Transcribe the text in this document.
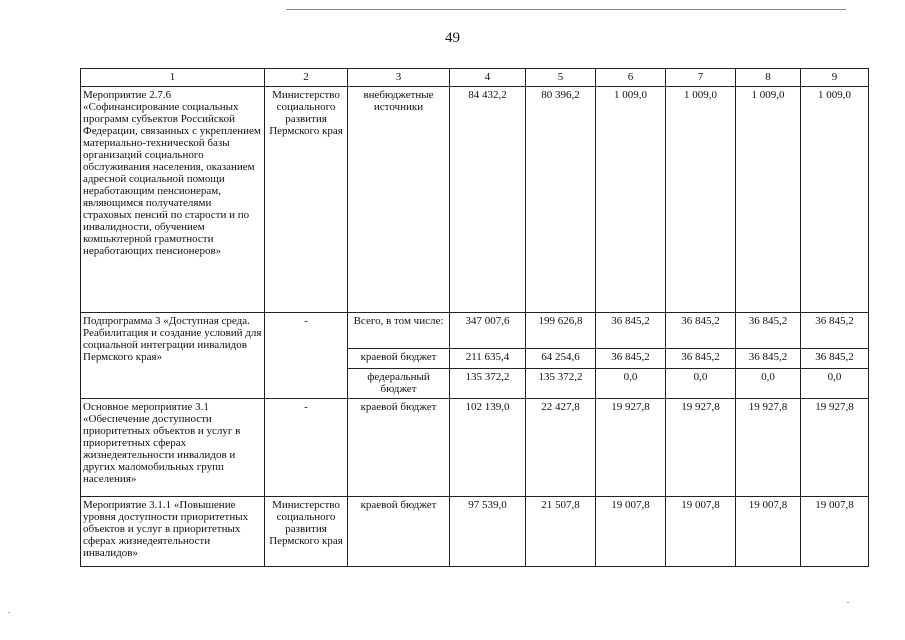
49
1	2	3	4	5	6	7	8	9
Мероприятие 2.7.6 «Софинансирование социальных программ субъектов Российской Федерации, связанных с укреплением материально-технической базы организаций социального обслуживания населения, оказанием адресной социальной помощи неработающим пенсионерам, являющимся получателями страховых пенсий по старости и по инвалидности, обучением компьютерной грамотности неработающих пенсионеров»	Министерство социального развития Пермского края	внебюджетные источники	84 432,2	80 396,2	1 009,0	1 009,0	1 009,0	1 009,0
Подпрограмма 3 «Доступная среда. Реабилитация и создание условий для социальной интеграции инвалидов Пермского края»	-	Всего, в том числе:	347 007,6	199 626,8	36 845,2	36 845,2	36 845,2	36 845,2
		краевой бюджет	211 635,4	64 254,6	36 845,2	36 845,2	36 845,2	36 845,2
		федеральный бюджет	135 372,2	135 372,2	0,0	0,0	0,0	0,0
Основное мероприятие 3.1 «Обеспечение доступности приоритетных объектов и услуг в приоритетных сферах жизнедеятельности инвалидов и других маломобильных групп населения»	-	краевой бюджет	102 139,0	22 427,8	19 927,8	19 927,8	19 927,8	19 927,8
Мероприятие 3.1.1 «Повышение уровня доступности приоритетных объектов и услуг в приоритетных сферах жизнедеятельности инвалидов»	Министерство социального развития Пермского края	краевой бюджет	97 539,0	21 507,8	19 007,8	19 007,8	19 007,8	19 007,8
